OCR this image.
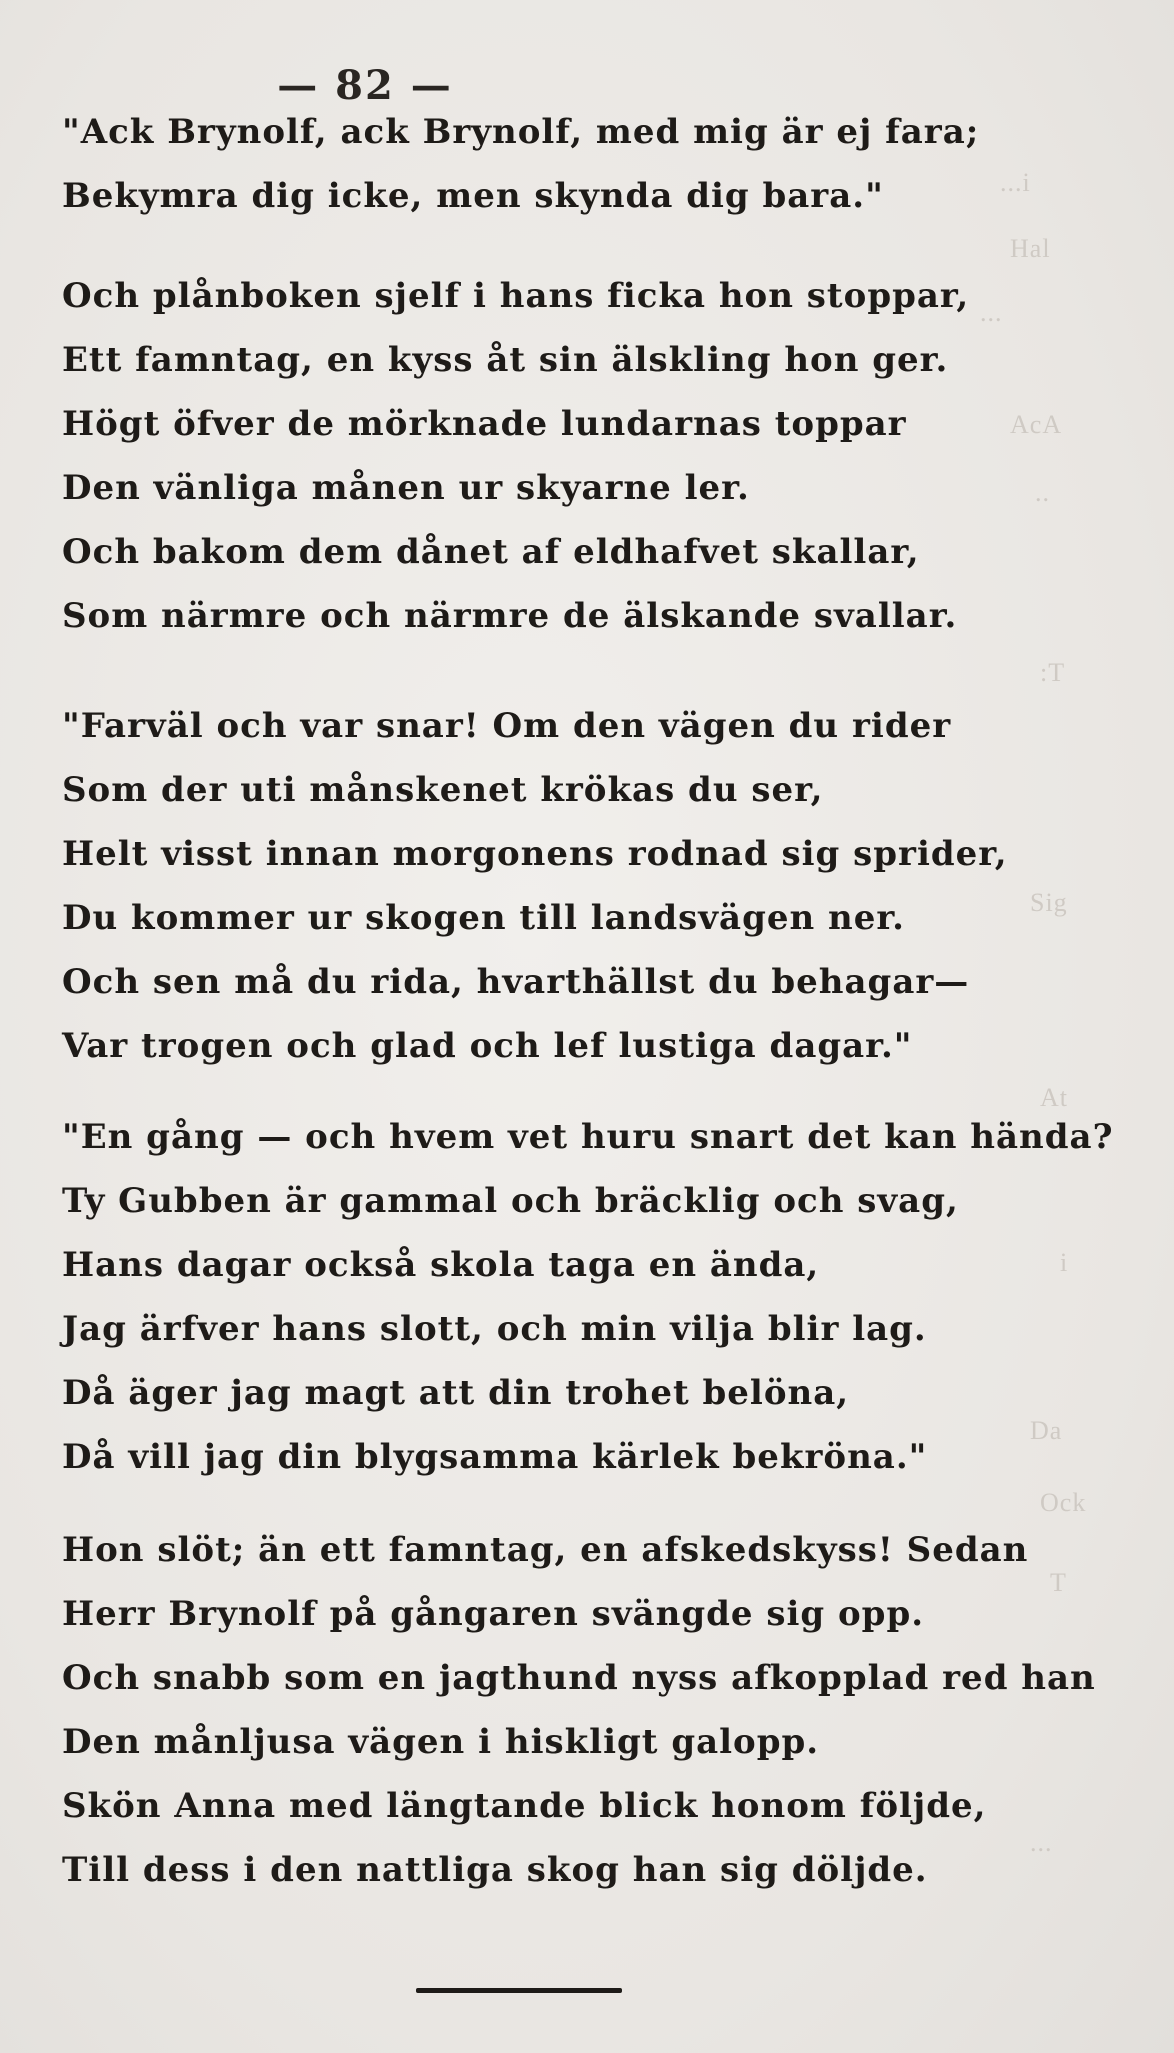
...i
Hal
...
AcA
..
:T
Sig
At
i
Da
Ock
T
...
— 82 —
"Ack Brynolf, ack Brynolf, med mig är ej fara;
Bekymra dig icke, men skynda dig bara."
Och plånboken sjelf i hans ficka hon stoppar,
Ett famntag, en kyss åt sin älskling hon ger.
Högt öfver de mörknade lundarnas toppar
Den vänliga månen ur skyarne ler.
Och bakom dem dånet af eldhafvet skallar,
Som närmre och närmre de älskande svallar.
"Farväl och var snar! Om den vägen du rider
Som der uti månskenet krökas du ser,
Helt visst innan morgonens rodnad sig sprider,
Du kommer ur skogen till landsvägen ner.
Och sen må du rida, hvarthällst du behagar—
Var trogen och glad och lef lustiga dagar."
"En gång — och hvem vet huru snart det kan hända?
Ty Gubben är gammal och bräcklig och svag,
Hans dagar också skola taga en ända,
Jag ärfver hans slott, och min vilja blir lag.
Då äger jag magt att din trohet belöna,
Då vill jag din blygsamma kärlek bekröna."
Hon slöt; än ett famntag, en afskedskyss! Sedan
Herr Brynolf på gångaren svängde sig opp.
Och snabb som en jagthund nyss afkopplad red han
Den månljusa vägen i hiskligt galopp.
Skön Anna med längtande blick honom följde,
Till dess i den nattliga skog han sig döljde.
